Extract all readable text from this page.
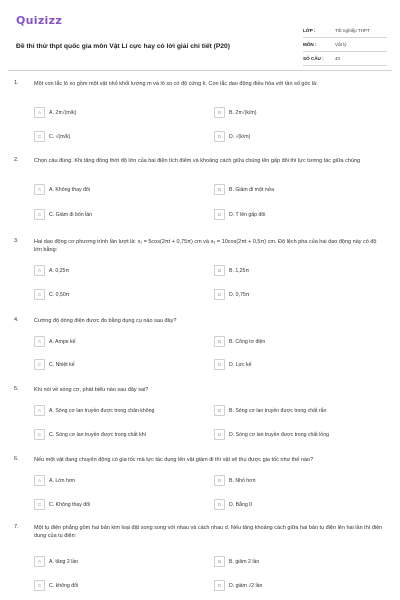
Quizizz
Đề thi thử thpt quốc gia môn Vật Lí cực hay có lời giải chi tiết (P20)
LỚP :	Tốt nghiệp THPT
MÔN :	Vật lý
SỐ CÂU :	40
1.	Một con lắc lò xo gồm một vật nhỏ khối lượng m và lò xo có độ cứng k. Con lắc dao động điều hòa với tần số góc là:
A	A. 2π√(m/k)	B	B. 2π√(k/m)
C	C. √(m/k)	D	D. √(k/m)
2.	Chọn câu đúng. Khi tăng đồng thời độ lớn của hai điện tích điểm và khoảng cách giữa chúng lên gấp đôi thì lực tương tác giữa chúng
A	A. Không thay đổi	B	B. Giảm đi một nửa
C	C. Giảm đi bốn lần	D	D. T lên gấp đôi
3.	Hai dao động cơ phương trình lần lượt là: x₁ = 5cos(2πt + 0,75π) cm và x₂ = 10cos(2πt + 0,5π) cm. Độ lệch pha của hai dao động này có độ lớn bằng:
A	A. 0,25π	B	B. 1,25π
C	C. 0,50π	D	D. 0,75π
4.	Cường độ dòng điện được đo bằng dụng cụ nào sau đây?
A	A. Ampe kế	B	B. Công tơ điện
C	C. Nhiệt kế	D	D. Lực kế
5.	Khi nói về sóng cơ, phát biểu nào sau đây sai?
A	A. Sóng cơ lan truyền được trong chân không	B	B. Sóng cơ lan truyền được trong chất rắn
C	C. Sóng cơ lan truyền được trong chất khí	D	D. Sóng cơ lan truyền được trong chất lỏng
6.	Nếu một vật đang chuyển động có gia tốc mà lực tác dụng lên vật giảm đi thì vật sẽ thu được gia tốc như thế nào?
A	A. Lớn hơn	B	B. Nhỏ hơn
C	C. Không thay đổi	D	D. Bằng 0
7.	Một tụ điện phẳng gồm hai bản kim loại đặt song song với nhau và cách nhau d. Nếu tăng khoảng cách giữa hai bản tụ điện lên hai lần thì điện dung của tụ điện:
A	A. tăng 2 lần	B	B. giảm 2 lần
C	C. không đổi	D	D. giảm √2 lần
